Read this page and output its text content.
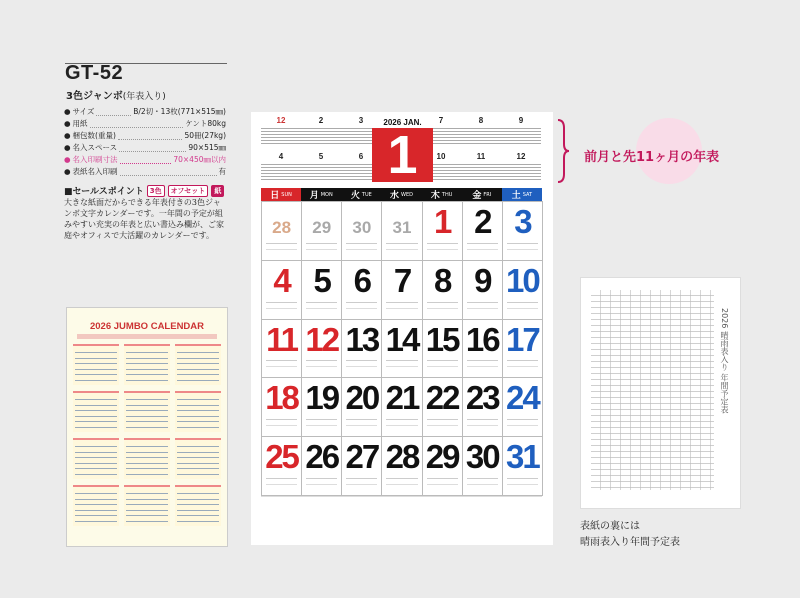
GT-52
3色ジャンボ(年表入り)
● サイズ	B/2切・13枚(771×515㎜)
● 用紙	ケント80kg
● 梱包数(重量)	50冊(27kg)
● 名入スペース	90×515㎜
● 名入印刷寸法	70×450㎜以内
● 表紙名入印刷	有
■セールスポイント 3色	オフセット	紙
大きな紙面だからできる年表付きの3色ジャンボ文字カレンダーです。一年間の予定が組みやすい充実の年表と広い書込み欄が、ご家庭やオフィスで大活躍のカレンダーです。
2026 JUMBO CALENDAR
12	2	3	7	8	9
4	5	6	10	11	12
2026 JAN.
1
日 SUN 月 MON 火 TUE 水 WED 木 THU 金 FRI 土 SAT
28	29	30	31 1 2 3
4 5 6 7 8 9 10
11 12 13 14 15 16 17
18 19 20 21 22 23 24
25 26 27 28 29 30 31
前月と先11ヶ月の年表
2026 晴雨表入り 年間予定表
表紙の裏には
晴雨表入り年間予定表
